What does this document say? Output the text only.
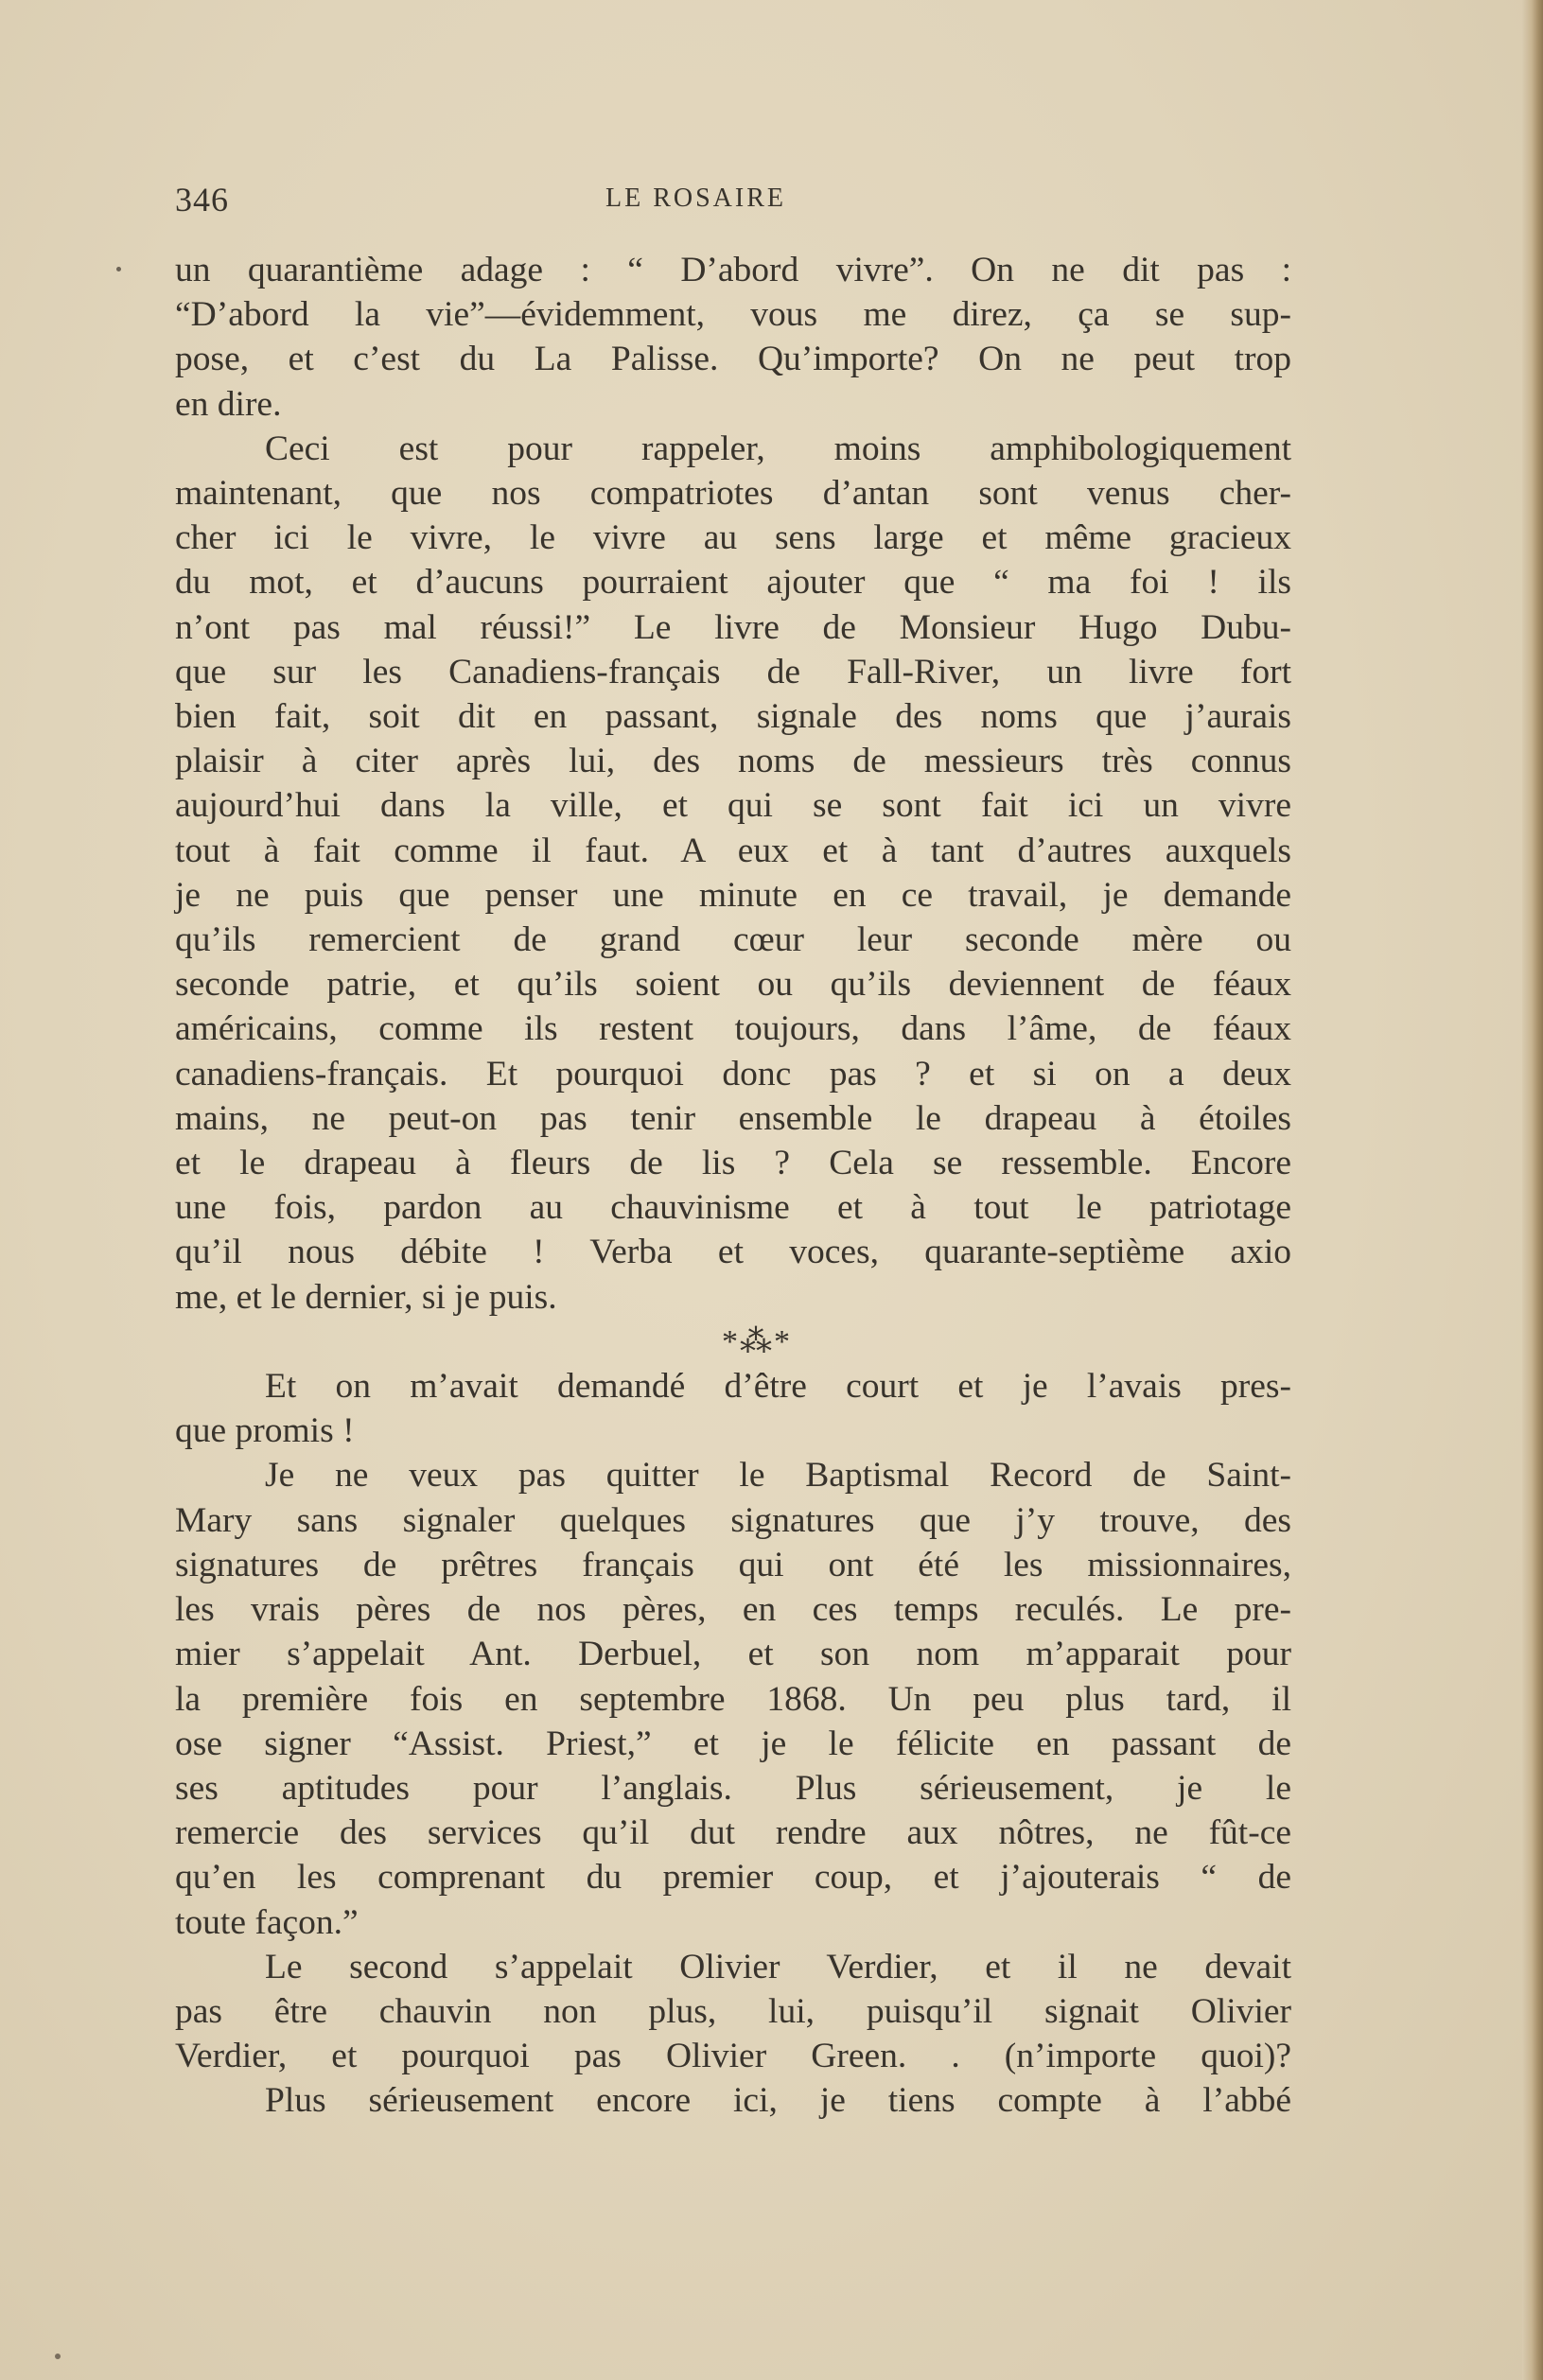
346	LE ROSAIRE
un quarantième adage : “ D’abord vivre”. On ne dit pas :
“D’abord la vie”—évidemment, vous me direz, ça se sup-
pose, et c’est du La Palisse. Qu’importe? On ne peut trop
en dire.
Ceci est pour rappeler, moins amphibologiquement
maintenant, que nos compatriotes d’antan sont venus cher-
cher ici le vivre, le vivre au sens large et même gracieux
du mot, et d’aucuns pourraient ajouter que “ ma foi ! ils
n’ont pas mal réussi!” Le livre de Monsieur Hugo Dubu-
que sur les Canadiens-français de Fall-River, un livre fort
bien fait, soit dit en passant, signale des noms que j’aurais
plaisir à citer après lui, des noms de messieurs très connus
aujourd’hui dans la ville, et qui se sont fait ici un vivre
tout à fait comme il faut. A eux et à tant d’autres auxquels
je ne puis que penser une minute en ce travail, je demande
qu’ils remercient de grand cœur leur seconde mère ou
seconde patrie, et qu’ils soient ou qu’ils deviennent de féaux
américains, comme ils restent toujours, dans l’âme, de féaux
canadiens-français. Et pourquoi donc pas ? et si on a deux
mains, ne peut-on pas tenir ensemble le drapeau à étoiles
et le drapeau à fleurs de lis ? Cela se ressemble. Encore
une fois, pardon au chauvinisme et à tout le patriotage
qu’il nous débite ! Verba et voces, quarante-septième axio
me, et le dernier, si je puis.
*⁂*
Et on m’avait demandé d’être court et je l’avais pres-
que promis !
Je ne veux pas quitter le Baptismal Record de Saint-
Mary sans signaler quelques signatures que j’y trouve, des
signatures de prêtres français qui ont été les missionnaires,
les vrais pères de nos pères, en ces temps reculés. Le pre-
mier s’appelait Ant. Derbuel, et son nom m’apparait pour
la première fois en septembre 1868. Un peu plus tard, il
ose signer “Assist. Priest,” et je le félicite en passant de
ses aptitudes pour l’anglais. Plus sérieusement, je le
remercie des services qu’il dut rendre aux nôtres, ne fût-ce
qu’en les comprenant du premier coup, et j’ajouterais “ de
toute façon.”
Le second s’appelait Olivier Verdier, et il ne devait
pas être chauvin non plus, lui, puisqu’il signait Olivier
Verdier, et pourquoi pas Olivier Green. . (n’importe quoi)?
Plus sérieusement encore ici, je tiens compte à l’abbé
